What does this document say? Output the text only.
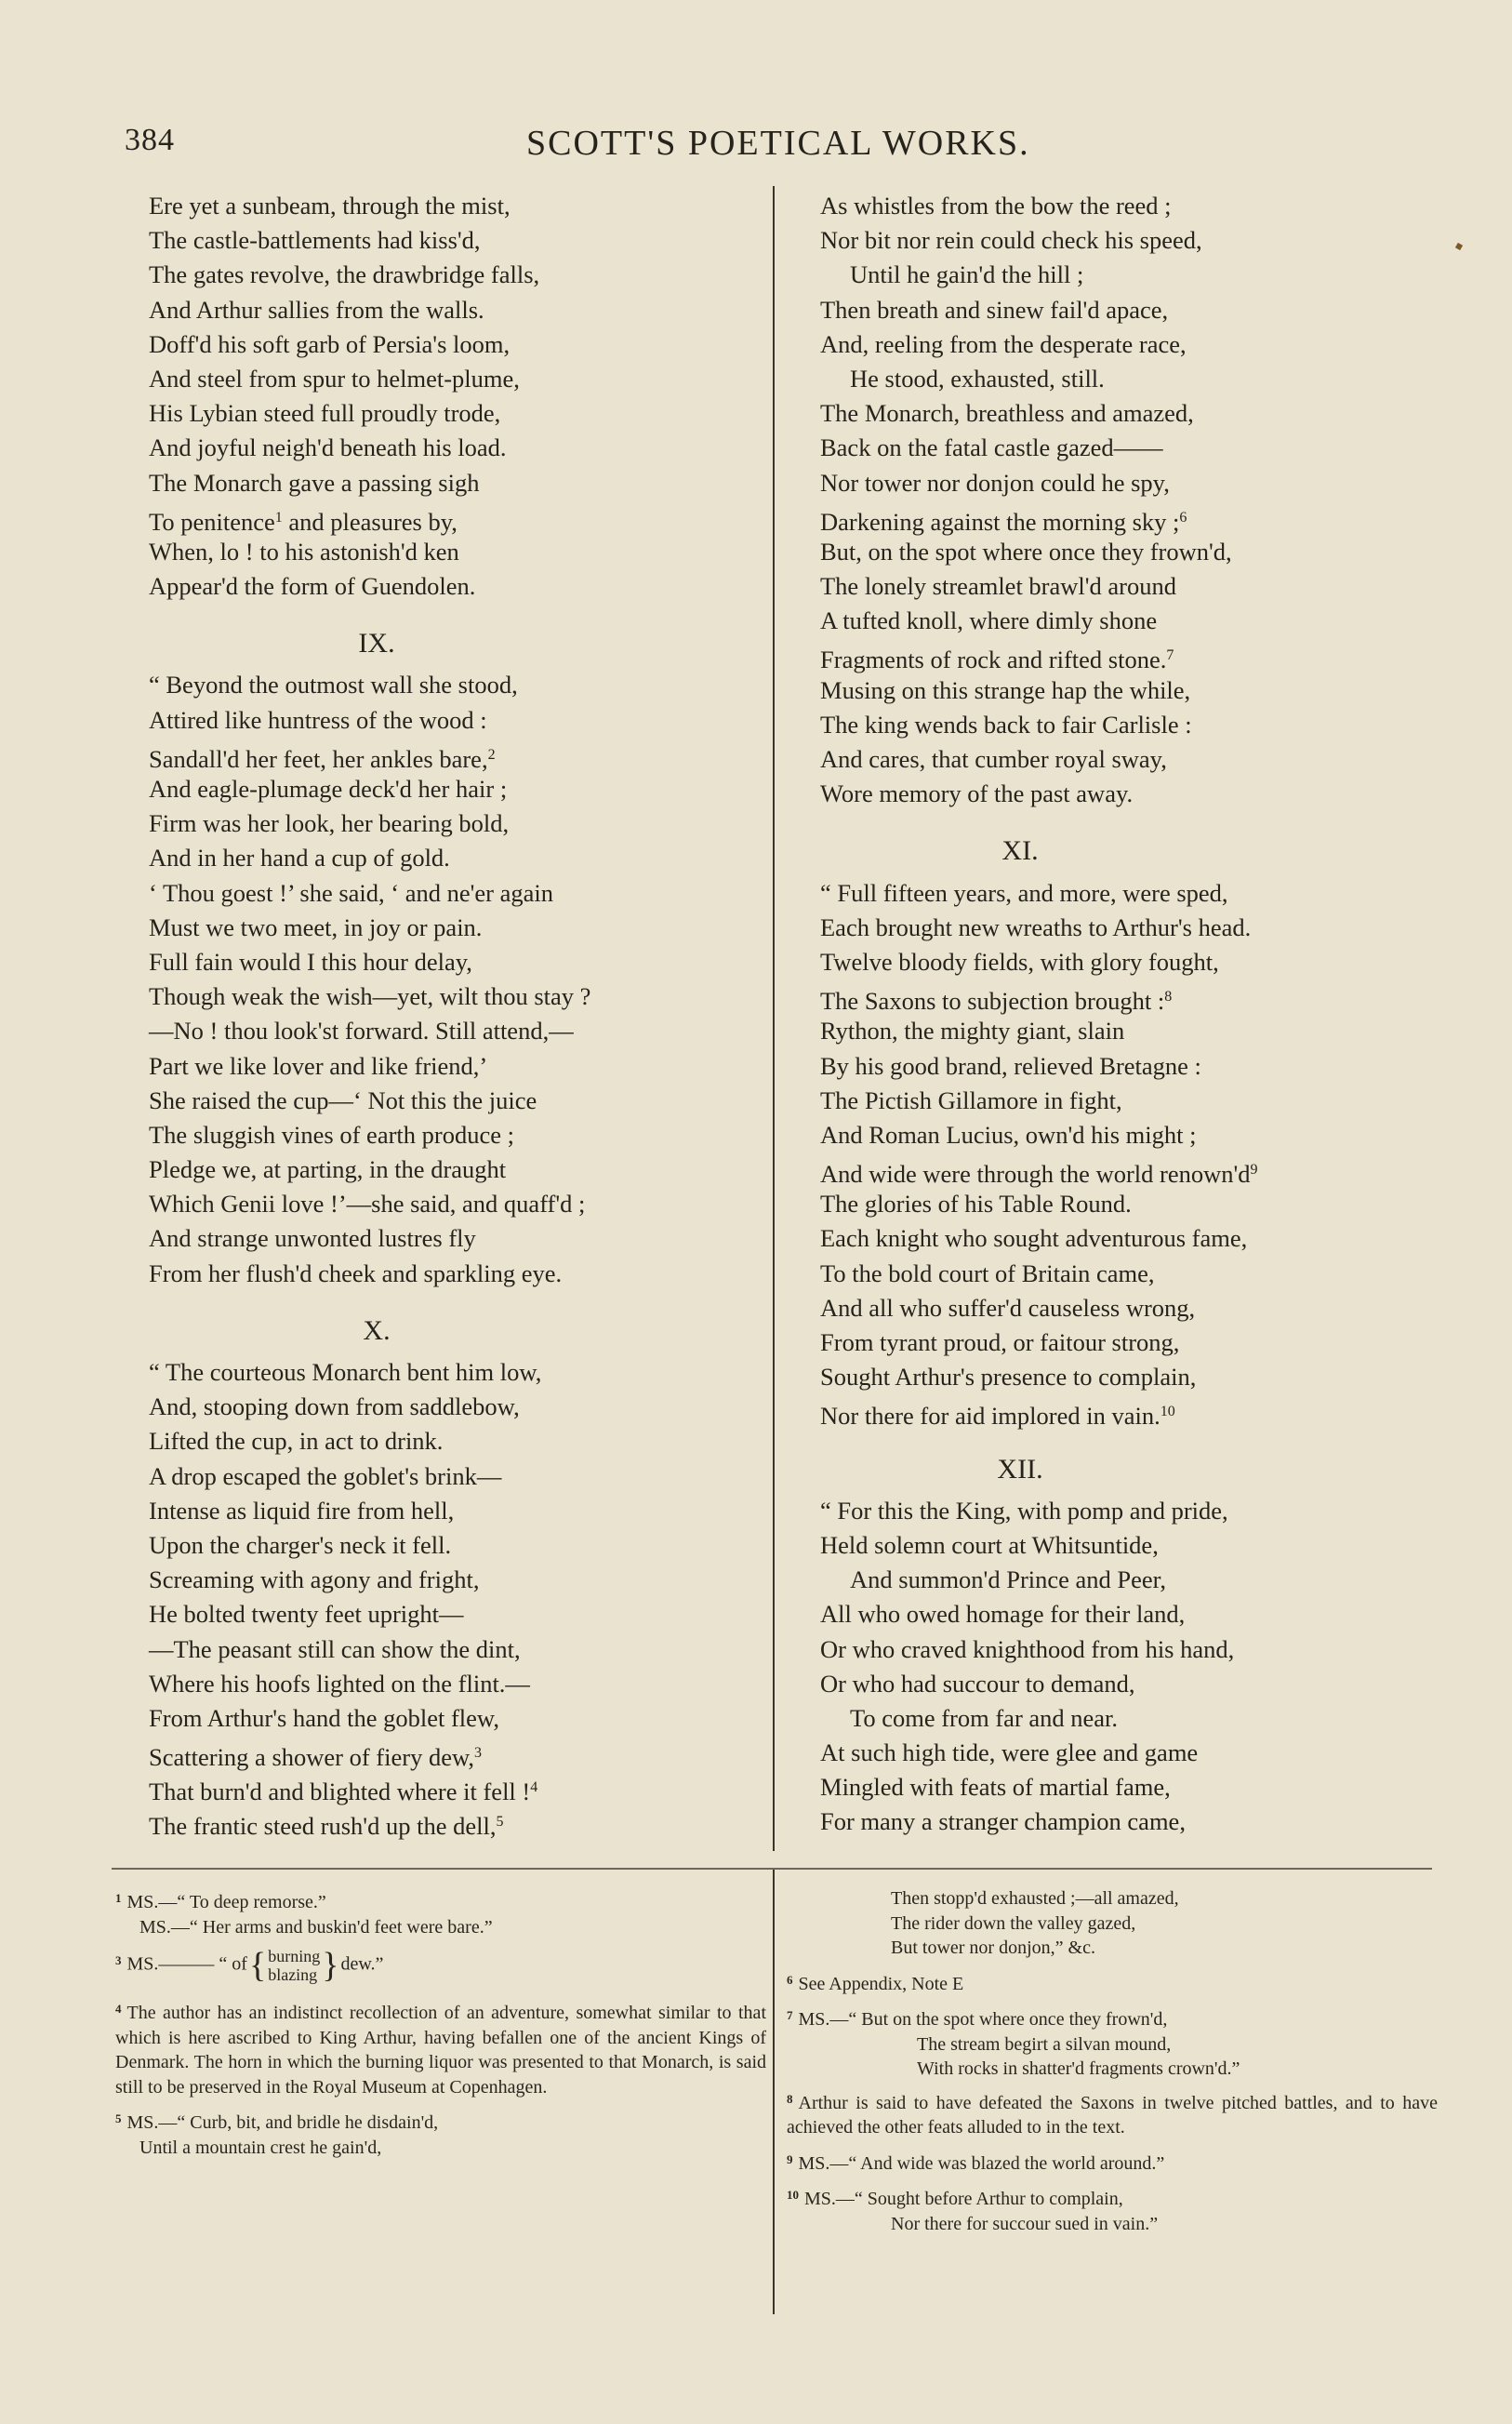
384	SCOTT'S POETICAL WORKS.
Ere yet a sunbeam, through the mist,
The castle-battlements had kiss'd,
The gates revolve, the drawbridge falls,
And Arthur sallies from the walls.
Doff'd his soft garb of Persia's loom,
And steel from spur to helmet-plume,
His Lybian steed full proudly trode,
And joyful neigh'd beneath his load.
The Monarch gave a passing sigh
To penitence$^1$ and pleasures by,
When, lo ! to his astonish'd ken
Appear'd the form of Guendolen.
IX.
“ Beyond the outmost wall she stood,
Attired like huntress of the wood :
Sandall'd her feet, her ankles bare,$^2$
And eagle-plumage deck'd her hair ;
Firm was her look, her bearing bold,
And in her hand a cup of gold.
‘ Thou goest !’ she said, ‘ and ne'er again
Must we two meet, in joy or pain.
Full fain would I this hour delay,
Though weak the wish—yet, wilt thou stay ?
—No ! thou look'st forward. Still attend,—
Part we like lover and like friend,’
She raised the cup—‘ Not this the juice
The sluggish vines of earth produce ;
Pledge we, at parting, in the draught
Which Genii love !’—she said, and quaff'd ;
And strange unwonted lustres fly
From her flush'd cheek and sparkling eye.
X.
“ The courteous Monarch bent him low,
And, stooping down from saddlebow,
Lifted the cup, in act to drink.
A drop escaped the goblet's brink—
Intense as liquid fire from hell,
Upon the charger's neck it fell.
Screaming with agony and fright,
He bolted twenty feet upright—
—The peasant still can show the dint,
Where his hoofs lighted on the flint.—
From Arthur's hand the goblet flew,
Scattering a shower of fiery dew,$^3$
That burn'd and blighted where it fell !$^4$
The frantic steed rush'd up the dell,$^5$
As whistles from the bow the reed ;
Nor bit nor rein could check his speed,
Until he gain'd the hill ;
Then breath and sinew fail'd apace,
And, reeling from the desperate race,
He stood, exhausted, still.
The Monarch, breathless and amazed,
Back on the fatal castle gazed——
Nor tower nor donjon could he spy,
Darkening against the morning sky ;$^6$
But, on the spot where once they frown'd,
The lonely streamlet brawl'd around
A tufted knoll, where dimly shone
Fragments of rock and rifted stone.$^7$
Musing on this strange hap the while,
The king wends back to fair Carlisle :
And cares, that cumber royal sway,
Wore memory of the past away.
XI.
“ Full fifteen years, and more, were sped,
Each brought new wreaths to Arthur's head.
Twelve bloody fields, with glory fought,
The Saxons to subjection brought :$^8$
Rython, the mighty giant, slain
By his good brand, relieved Bretagne :
The Pictish Gillamore in fight,
And Roman Lucius, own'd his might ;
And wide were through the world $renown'd^9$
The glories of his Table Round.
Each knight who sought adventurous fame,
To the bold court of Britain came,
And all who suffer'd causeless wrong,
From tyrant proud, or faitour strong,
Sought Arthur's presence to complain,
Nor there for aid implored in vain.$^{10}$
XII.
“ For this the King, with pomp and pride,
Held solemn court at Whitsuntide,
And summon'd Prince and Peer,
All who owed homage for their land,
Or who craved knighthood from his hand,
Or who had succour to demand,
To come from far and near.
At such high tide, were glee and game
Mingled with feats of martial fame,
For many a stranger champion came,
$^1$ MS.—“ To deep remorse.”
MS.—“ Her arms and buskin'd feet were bare.”
$^3$ MS.——— “ of { burning
blazing } dew.”
$^4$ The author has an indistinct recollection of an adventure, somewhat similar to that which is here ascribed to King Arthur, having befallen one of the ancient Kings of Denmark. The horn in which the burning liquor was presented to that Monarch, is said still to be preserved in the Royal Museum at Copenhagen.
$^5$ MS.—“ Curb, bit, and bridle he disdain'd,
Until a mountain crest he gain'd,
Then stopp'd exhausted ;—all amazed,
The rider down the valley gazed,
But tower nor donjon,” &c.
$^6$ See Appendix, Note E
$^7$ MS.—“ But on the spot where once they frown'd,
The stream begirt a silvan mound,
With rocks in shatter'd fragments crown'd.”
$^8$ Arthur is said to have defeated the Saxons in twelve pitched battles, and to have achieved the other feats alluded to in the text.
$^9$ MS.—“ And wide was blazed the world around.”
$^{10}$ MS.—“ Sought before Arthur to complain,
Nor there for succour sued in vain.”
